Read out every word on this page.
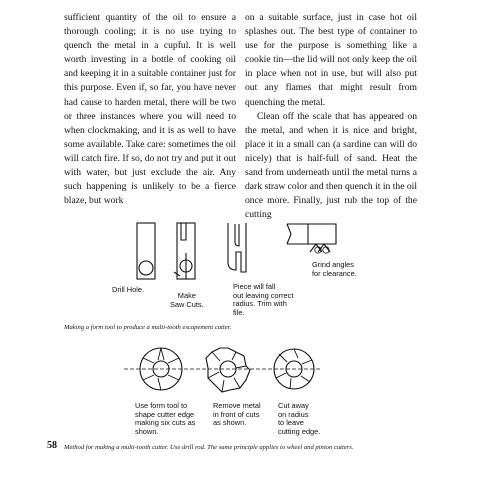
sufficient quantity of the oil to ensure a thorough cooling; it is no use trying to quench the metal in a cupful. It is well worth investing in a bottle of cooking oil and keeping it in a suitable container just for this purpose. Even if, so far, you have never had cause to harden metal, there will be two or three instances where you will need to when clockmaking, and it is as well to have some available. Take care: sometimes the oil will catch fire. If so, do not try and put it out with water, but just exclude the air. Any such happening is unlikely to be a fierce blaze, but work

on a suitable surface, just in case hot oil splashes out. The best type of container to use for the purpose is something like a cookie tin—the lid will not only keep the oil in place when not in use, but will also put out any flames that might result from quenching the metal.

Clean off the scale that has appeared on the metal, and when it is nice and bright, place it in a small can (a sardine can will do nicely) that is half-full of sand. Heat the sand from underneath until the metal turns a dark straw color and then quench it in the oil once more. Finally, just rub the top of the cutting

Drill Hole.
Make
Saw Cuts.
Piece will fall
out leaving correct
radius. Trim with
file.
Grind angles
for clearance.
Making a form tool to produce a multi-tooth escapement cutter.
Use form tool to
shape cutter edge
making six cuts as
shown.
Remove metal
in front of cuts
as shown.
Cut away
on radius
to leave
cutting edge.
Method for making a multi-tooth cutter. Use drill rod. The same principle applies to wheel and pinion cutters.
58
